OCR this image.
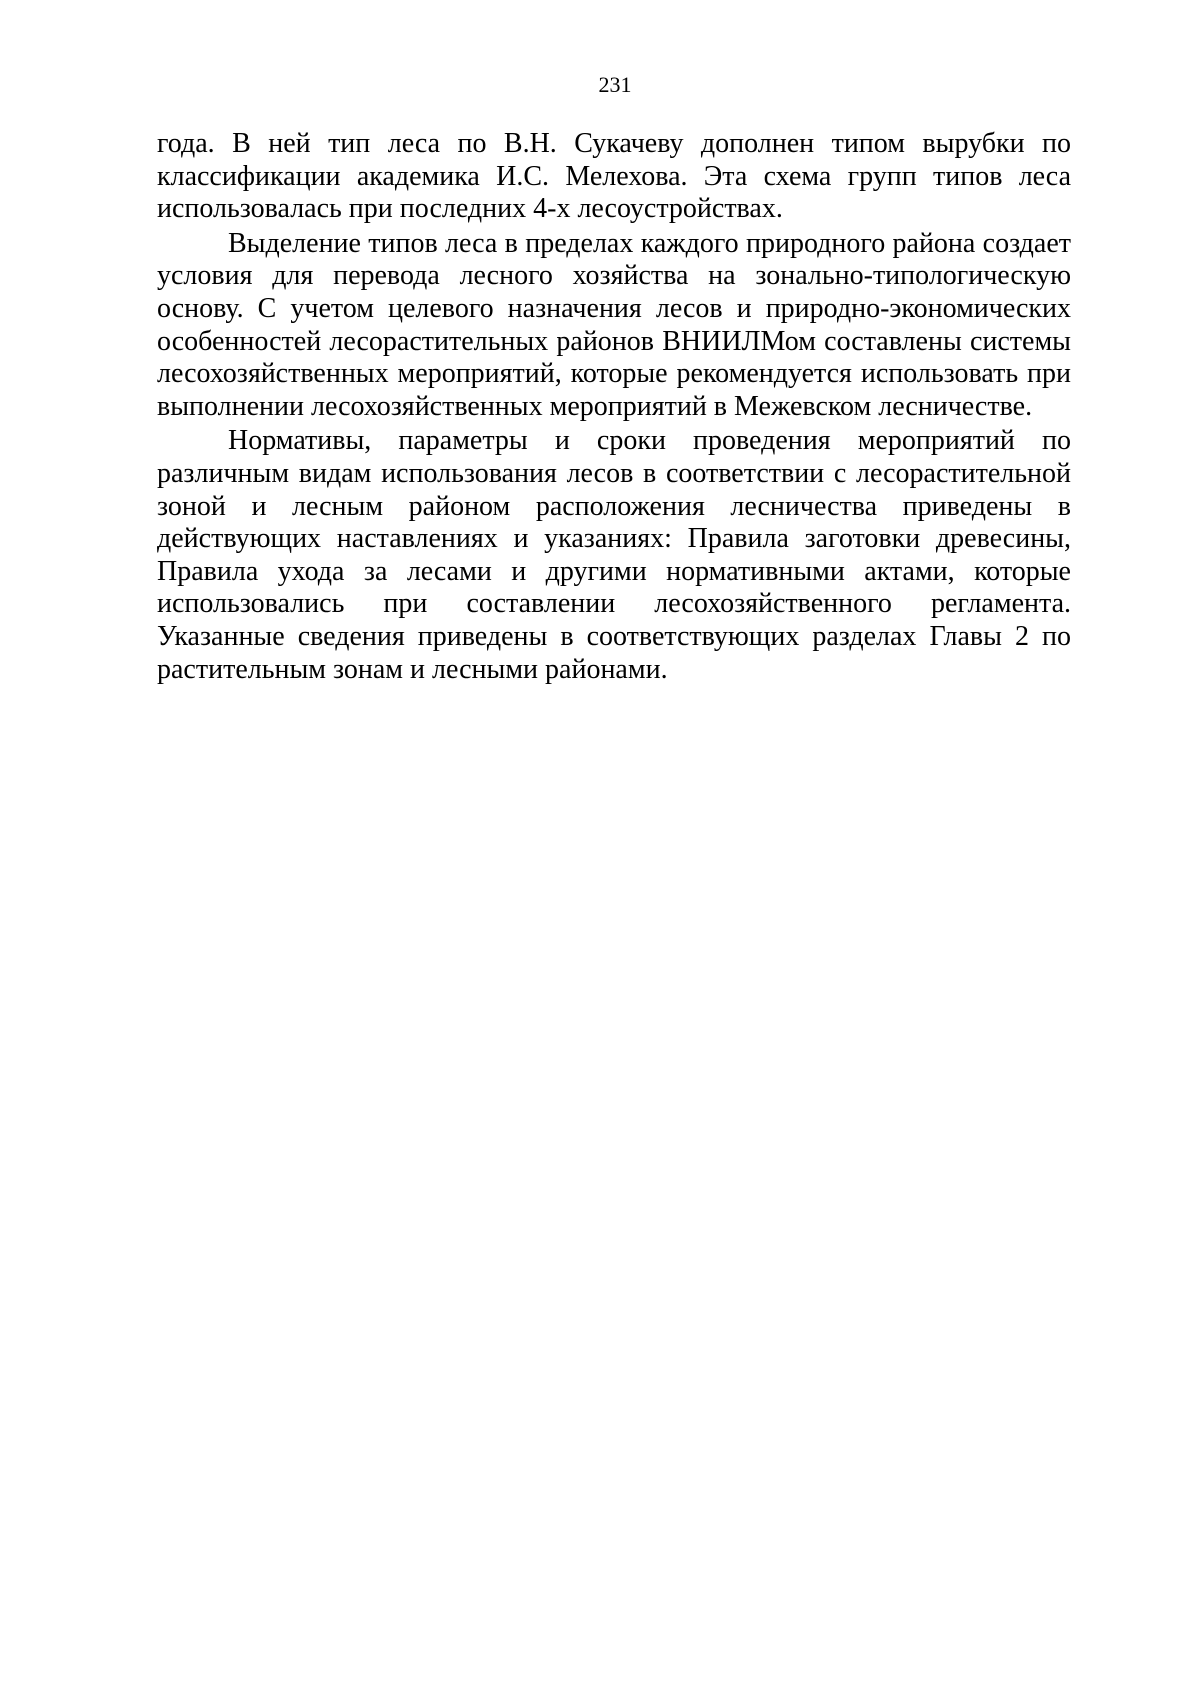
231

года. В ней тип леса по В.Н. Сукачеву дополнен типом вырубки по классификации академика И.С. Мелехова. Эта схема групп типов леса использовалась при последних 4-х лесоустройствах.

Выделение типов леса в пределах каждого природного района создает условия для перевода лесного хозяйства на зонально-типологическую основу. С учетом целевого назначения лесов и природно-экономических особенностей лесорастительных районов ВНИИЛМом составлены системы лесохозяйственных мероприятий, которые рекомендуется использовать при выполнении лесохозяйственных мероприятий в Межевском лесничестве.

Нормативы, параметры и сроки проведения мероприятий по различным видам использования лесов в соответствии с лесорастительной зоной и лесным районом расположения лесничества приведены в действующих наставлениях и указаниях: Правила заготовки древесины, Правила ухода за лесами и другими нормативными актами, которые использовались при составлении лесохозяйственного регламента. Указанные сведения приведены в соответствующих разделах Главы 2 по растительным зонам и лесными районами.
